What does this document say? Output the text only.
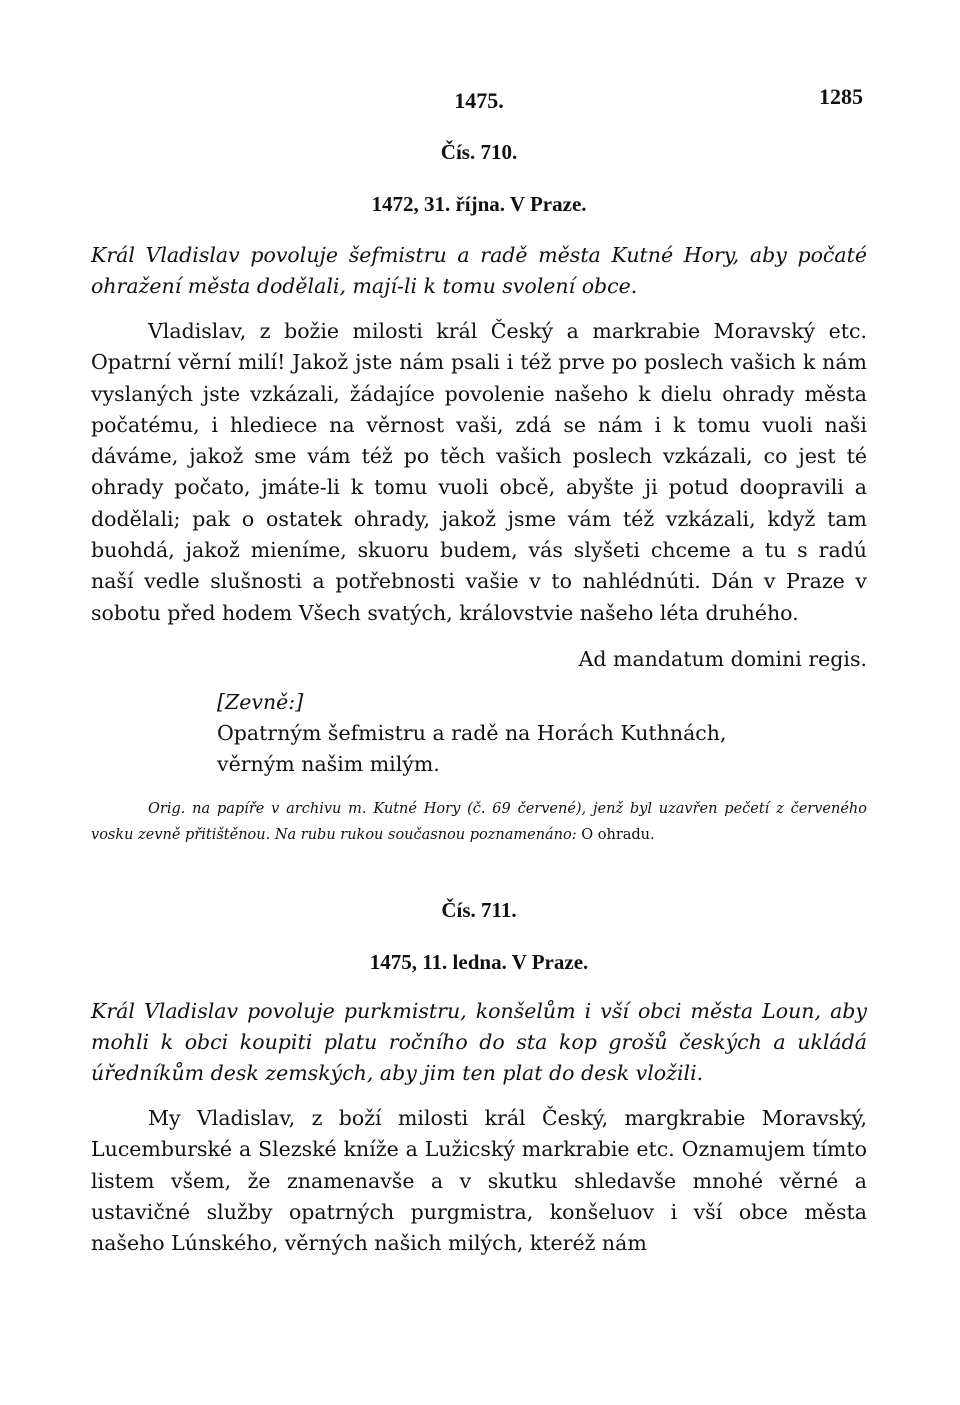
1475.	1285
Čís. 710.
1472, 31. října. V Praze.
Král Vladislav povoluje šefmistru a radě města Kutné Hory, aby počaté ohražení města dodělali, mají-li k tomu svolení obce.
Vladislav, z božie milosti král Český a markrabie Moravský etc. Opatrní věrní milí! Jakož jste nám psali i též prve po poslech vašich k nám vyslaných jste vzkázali, žádajíce povolenie našeho k dielu ohrady města počatému, i hlediece na věrnost vaši, zdá se nám i k tomu vuoli naši dáváme, jakož sme vám též po těch vašich poslech vzkázali, co jest té ohrady počato, jmáte-li k tomu vuoli obcě, abyšte ji potud doopravili a dodělali; pak o ostatek ohrady, jakož jsme vám též vzkázali, když tam buohdá, jakož mieníme, skuoru budem, vás slyšeti chceme a tu s radú naší vedle slušnosti a potřebnosti vašie v to nahlédnúti. Dán v Praze v sobotu před hodem Všech svatých, královstvie našeho léta druhého.
Ad mandatum domini regis.
[Zevně:]
Opatrným šefmistru a radě na Horách Kuthnách,
věrným našim milým.
Orig. na papíře v archivu m. Kutné Hory (č. 69 červené), jenž byl uzavřen pečetí z červeného vosku zevně přitištěnou. Na rubu rukou současnou poznamenáno: O ohradu.
Čís. 711.
1475, 11. ledna. V Praze.
Král Vladislav povoluje purkmistru, konšelům i vší obci města Loun, aby mohli k obci koupiti platu ročního do sta kop grošů českých a ukládá úředníkům desk zemských, aby jim ten plat do desk vložili.
My Vladislav, z boží milosti král Český, margkrabie Moravský, Lucemburské a Slezské kníže a Lužicský markrabie etc. Oznamujem tímto listem všem, že znamenavše a v skutku shledavše mnohé věrné a ustavičné služby opatrných purgmistra, konšeluov i vší obce města našeho Lúnského, věrných našich milých, kteréž nám
